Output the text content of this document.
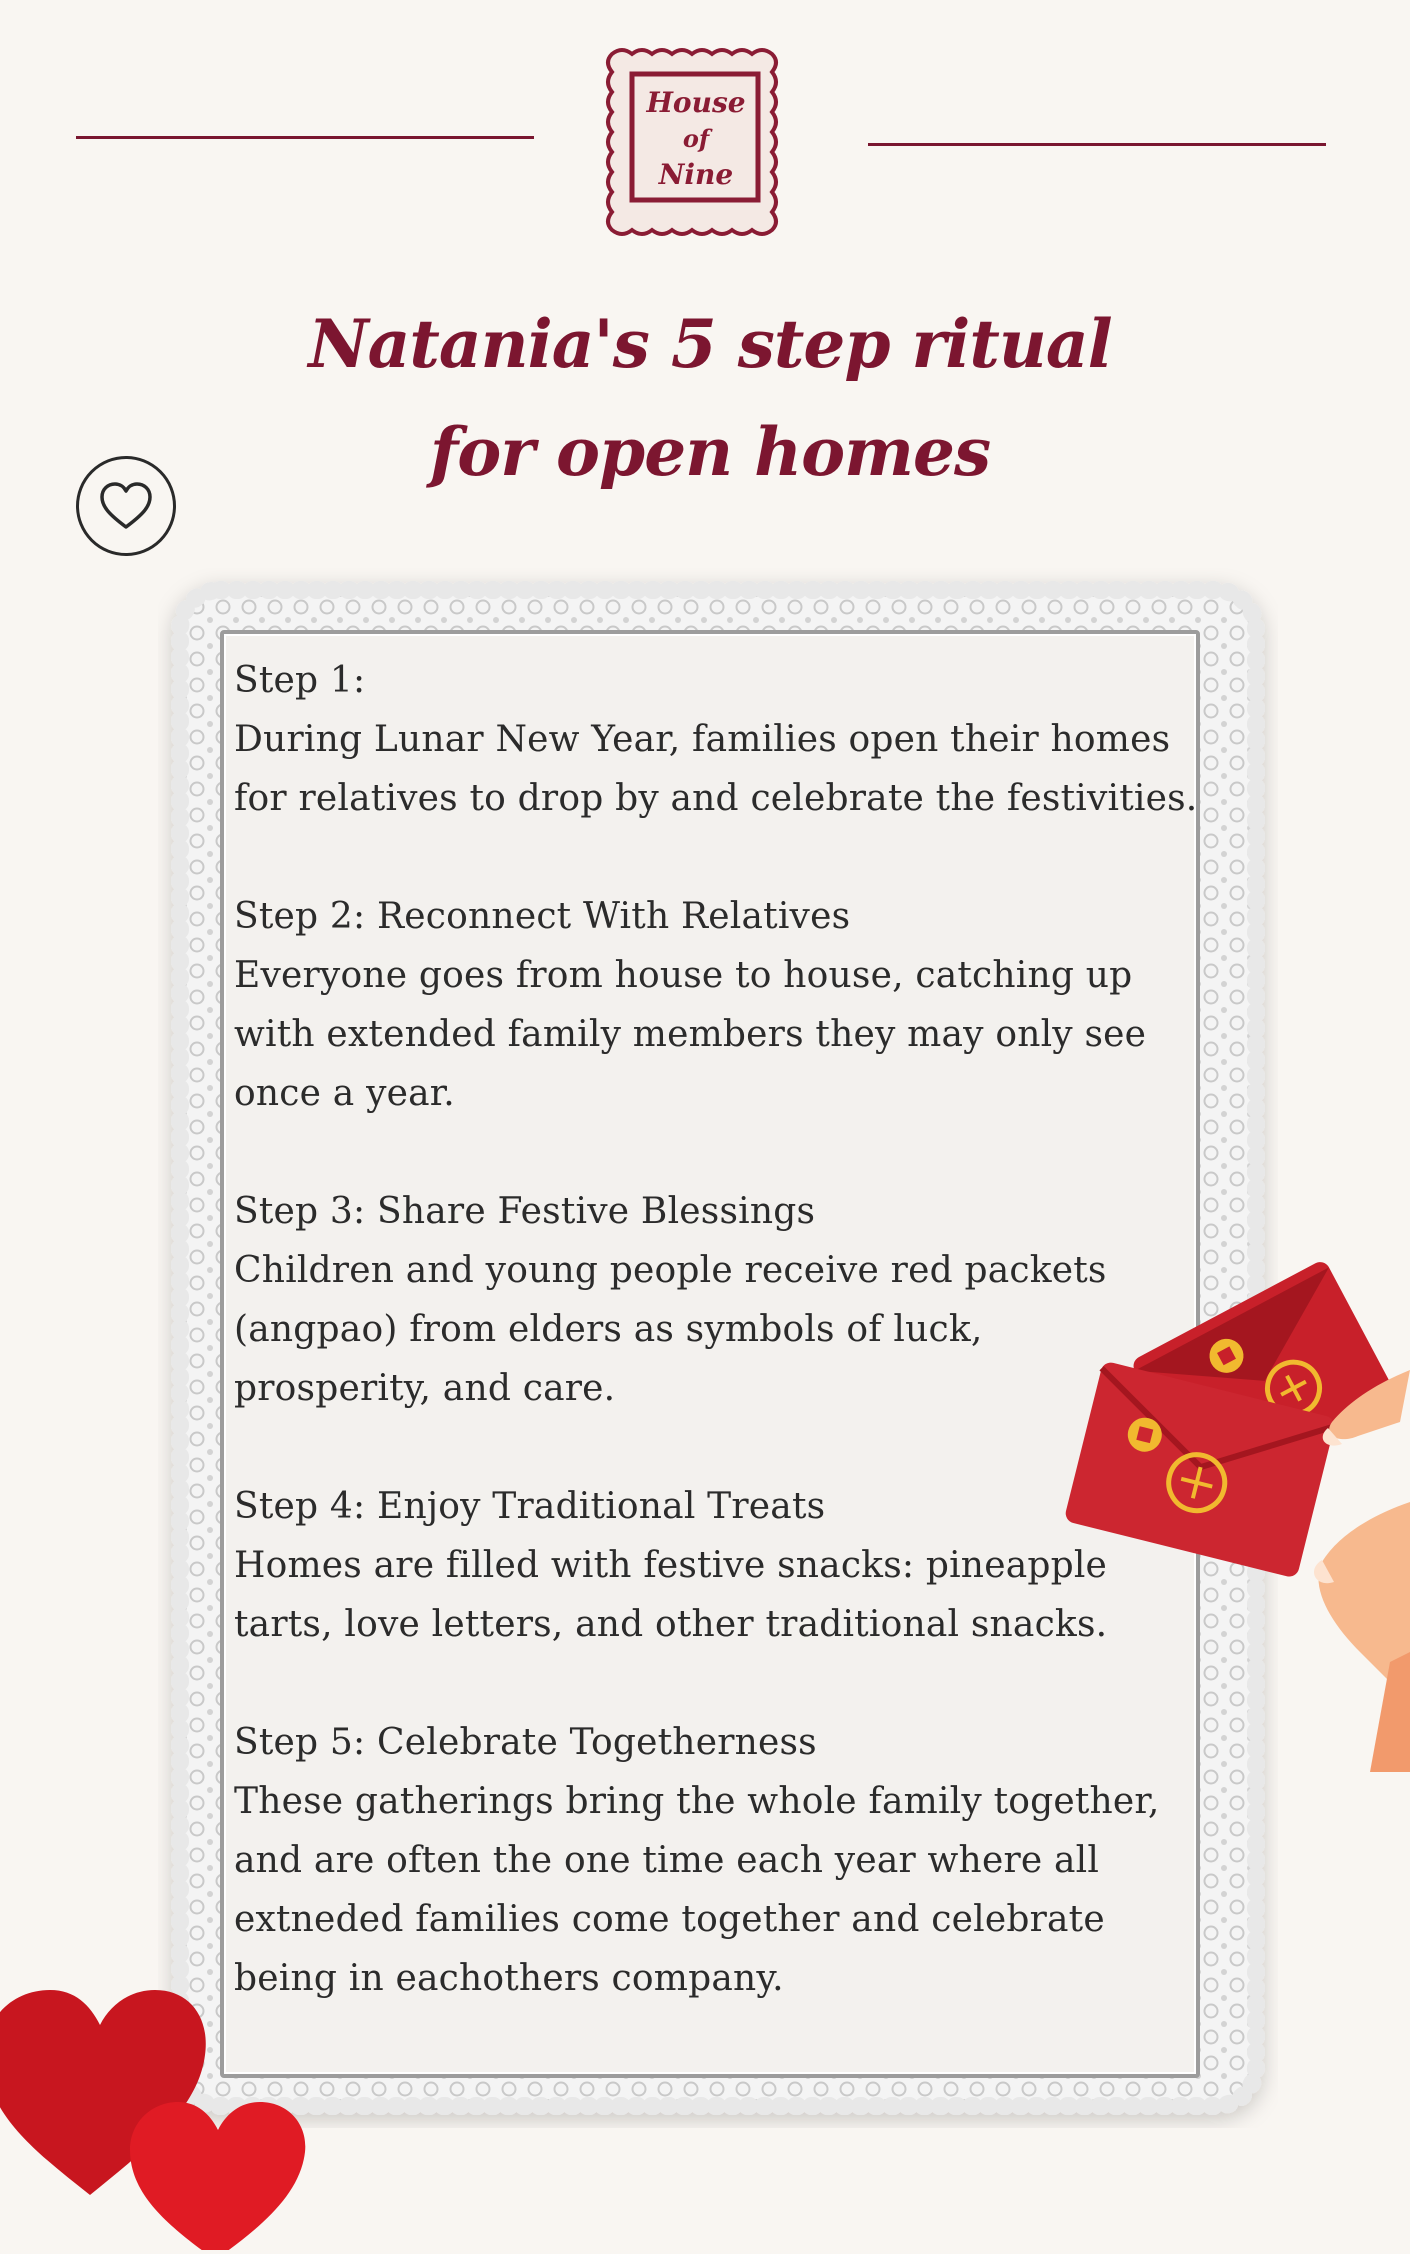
House
of
Nine
Natania's 5 step ritual
for open homes

Step 1:

During Lunar New Year, families open their homes for relatives to drop by and celebrate the festivities.

Step 2: Reconnect With Relatives

Everyone goes from house to house, catching up with extended family members they may only see once a year.

Step 3: Share Festive Blessings

Children and young people receive red packets (angpao) from elders as symbols of luck, prosperity, and care.

Step 4: Enjoy Traditional Treats

Homes are filled with festive snacks: pineapple tarts, love letters, and other traditional snacks.

Step 5: Celebrate Togetherness

These gatherings bring the whole family together, and are often the one time each year where all extneded families come together and celebrate being in eachothers company.
